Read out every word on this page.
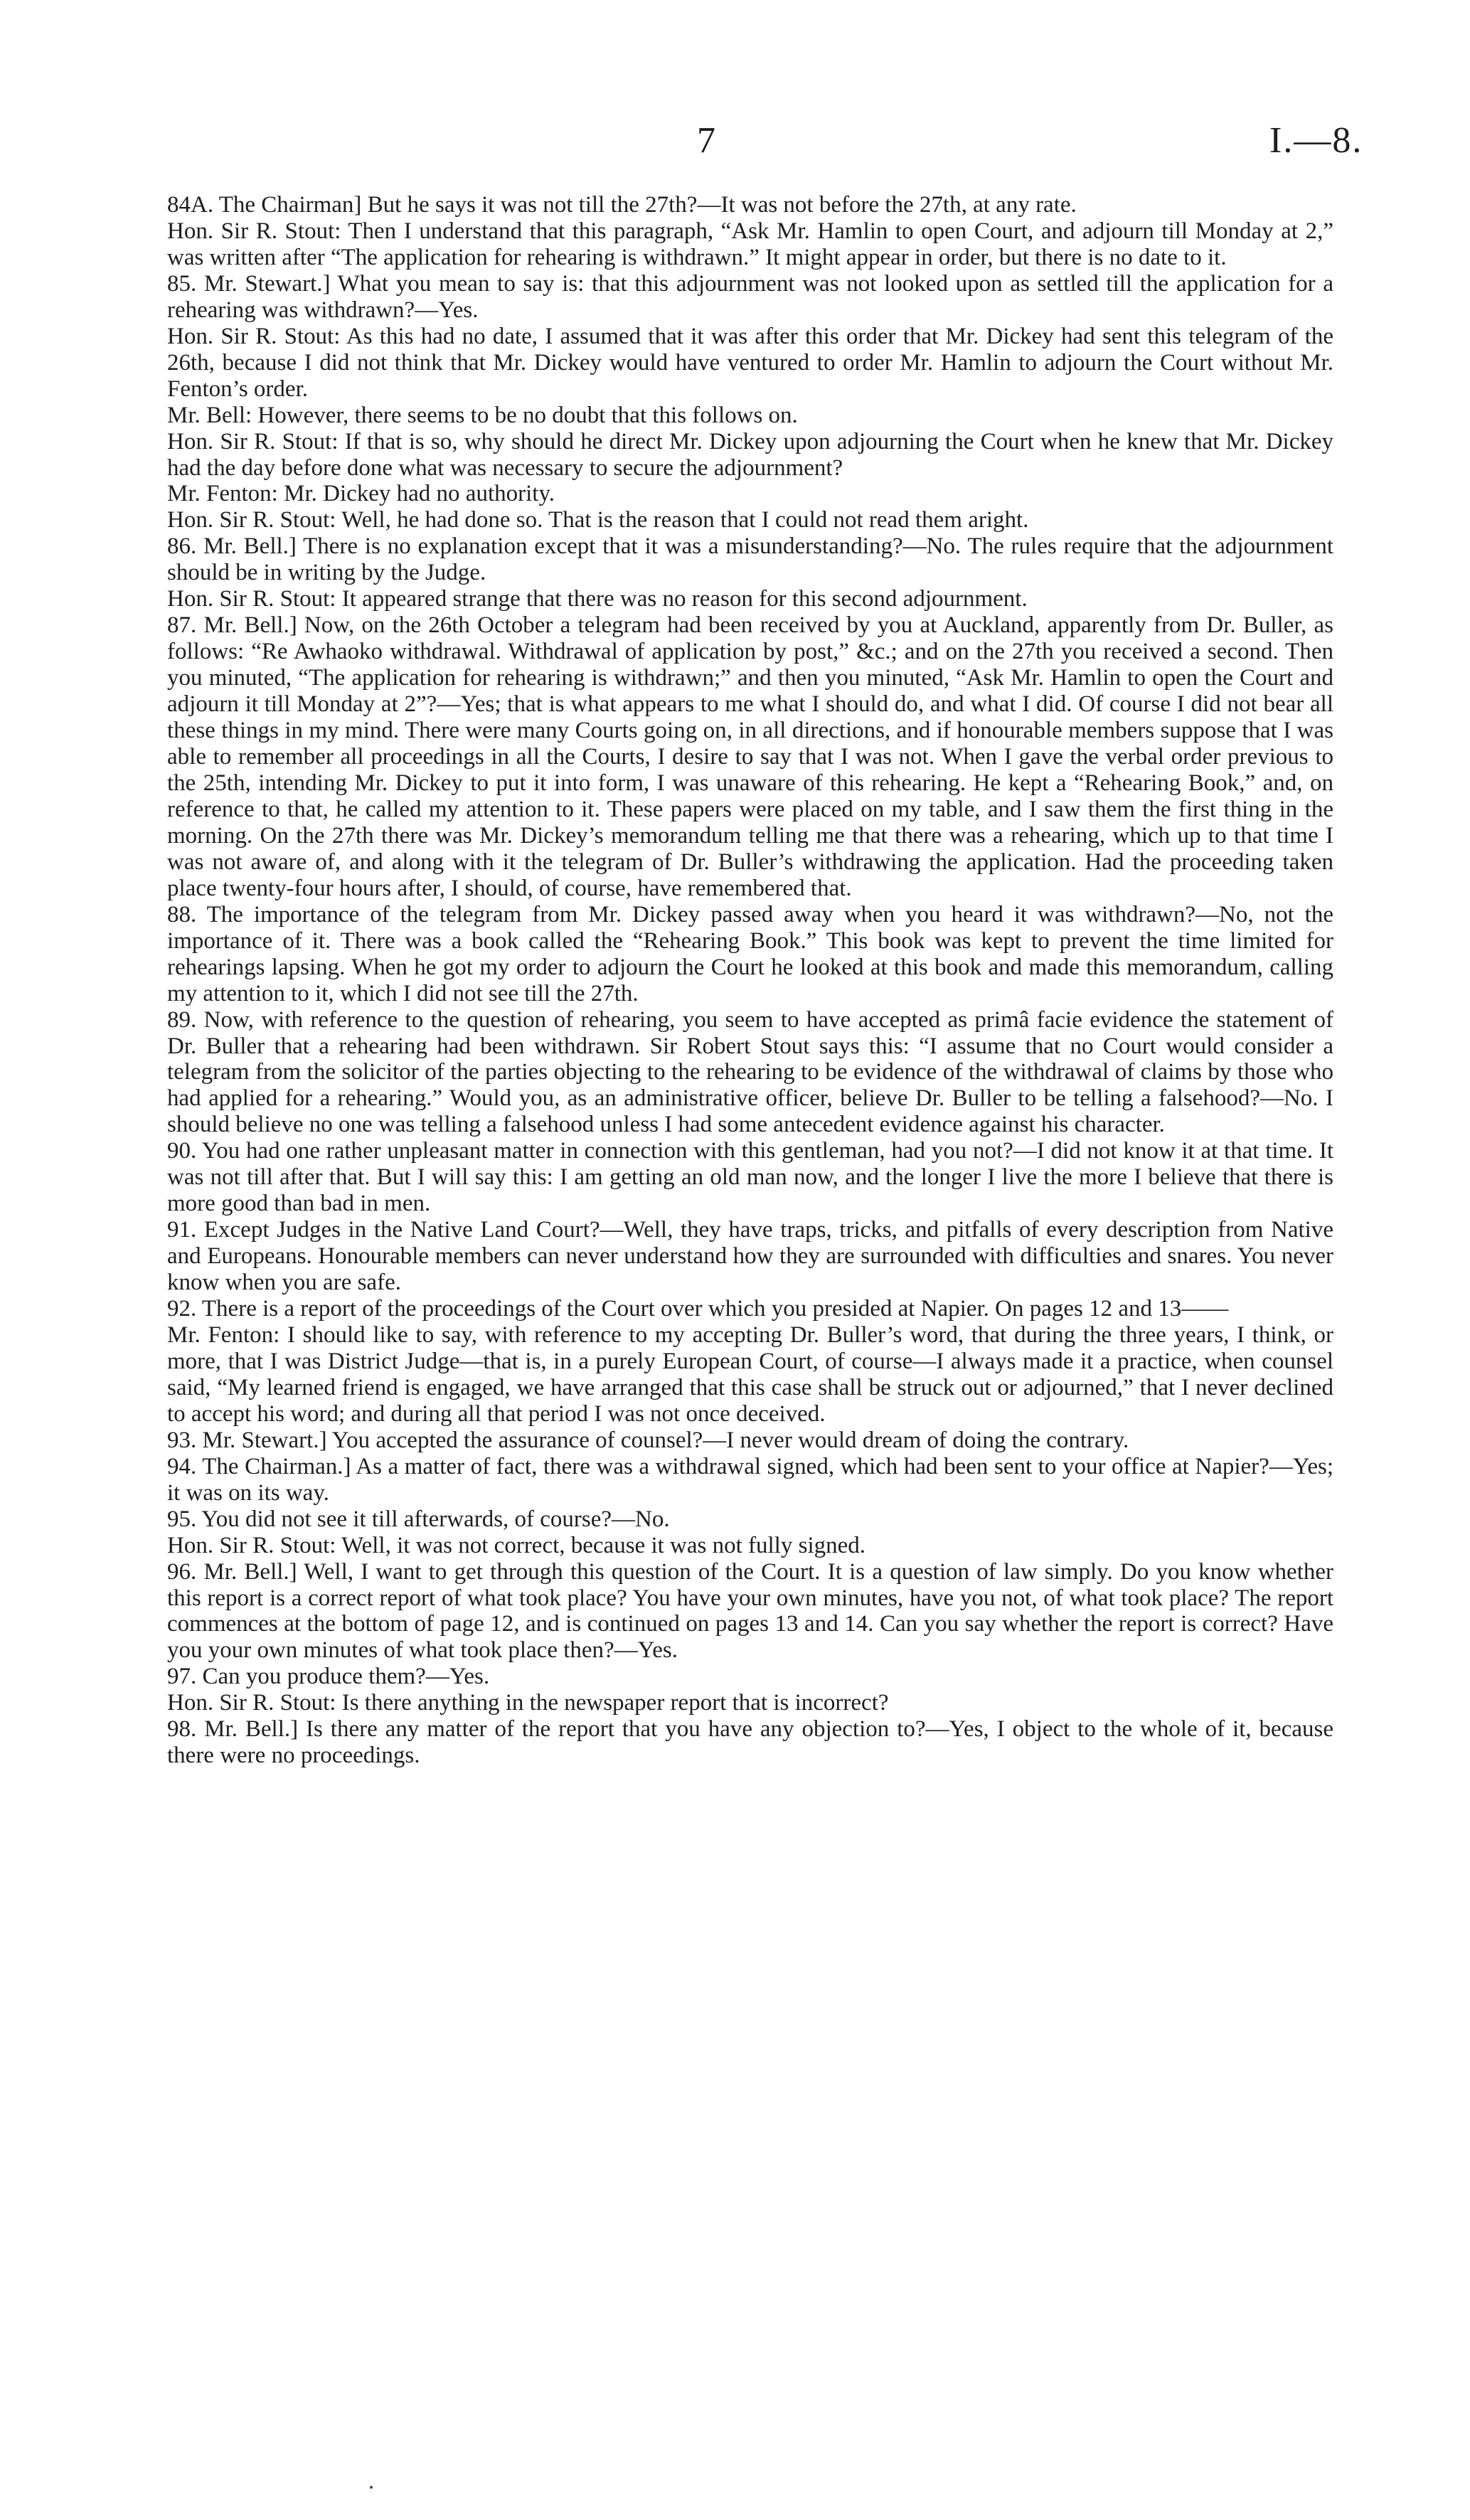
7	I.—8.

84A. The Chairman] But he says it was not till the 27th?—It was not before the 27th, at any rate.

Hon. Sir R. Stout: Then I understand that this paragraph, “Ask Mr. Hamlin to open Court, and adjourn till Monday at 2,” was written after “The application for rehearing is withdrawn.” It might appear in order, but there is no date to it.

85. Mr. Stewart.] What you mean to say is: that this adjournment was not looked upon as settled till the application for a rehearing was withdrawn?—Yes.

Hon. Sir R. Stout: As this had no date, I assumed that it was after this order that Mr. Dickey had sent this telegram of the 26th, because I did not think that Mr. Dickey would have ventured to order Mr. Hamlin to adjourn the Court without Mr. Fenton’s order.

Mr. Bell: However, there seems to be no doubt that this follows on.

Hon. Sir R. Stout: If that is so, why should he direct Mr. Dickey upon adjourning the Court when he knew that Mr. Dickey had the day before done what was necessary to secure the adjournment?

Mr. Fenton: Mr. Dickey had no authority.

Hon. Sir R. Stout: Well, he had done so. That is the reason that I could not read them aright.

86. Mr. Bell.] There is no explanation except that it was a misunderstanding?—No. The rules require that the adjournment should be in writing by the Judge.

Hon. Sir R. Stout: It appeared strange that there was no reason for this second adjournment.

87. Mr. Bell.] Now, on the 26th October a telegram had been received by you at Auckland, apparently from Dr. Buller, as follows: “Re Awhaoko withdrawal. Withdrawal of application by post,” &c.; and on the 27th you received a second. Then you minuted, “The application for rehearing is withdrawn;” and then you minuted, “Ask Mr. Hamlin to open the Court and adjourn it till Monday at 2”?—Yes; that is what appears to me what I should do, and what I did. Of course I did not bear all these things in my mind. There were many Courts going on, in all directions, and if honourable members suppose that I was able to remember all proceedings in all the Courts, I desire to say that I was not. When I gave the verbal order previous to the 25th, intending Mr. Dickey to put it into form, I was unaware of this rehearing. He kept a “Rehearing Book,” and, on reference to that, he called my attention to it. These papers were placed on my table, and I saw them the first thing in the morning. On the 27th there was Mr. Dickey’s memorandum telling me that there was a rehearing, which up to that time I was not aware of, and along with it the telegram of Dr. Buller’s withdrawing the application. Had the proceeding taken place twenty-four hours after, I should, of course, have remembered that.

88. The importance of the telegram from Mr. Dickey passed away when you heard it was withdrawn?—No, not the importance of it. There was a book called the “Rehearing Book.” This book was kept to prevent the time limited for rehearings lapsing. When he got my order to adjourn the Court he looked at this book and made this memorandum, calling my attention to it, which I did not see till the 27th.

89. Now, with reference to the question of rehearing, you seem to have accepted as primâ facie evidence the statement of Dr. Buller that a rehearing had been withdrawn. Sir Robert Stout says this: “I assume that no Court would consider a telegram from the solicitor of the parties objecting to the rehearing to be evidence of the withdrawal of claims by those who had applied for a rehearing.” Would you, as an administrative officer, believe Dr. Buller to be telling a falsehood?—No. I should believe no one was telling a falsehood unless I had some antecedent evidence against his character.

90. You had one rather unpleasant matter in connection with this gentleman, had you not?—I did not know it at that time. It was not till after that. But I will say this: I am getting an old man now, and the longer I live the more I believe that there is more good than bad in men.

91. Except Judges in the Native Land Court?—Well, they have traps, tricks, and pitfalls of every description from Native and Europeans. Honourable members can never understand how they are surrounded with difficulties and snares. You never know when you are safe.

92. There is a report of the proceedings of the Court over which you presided at Napier. On pages 12 and 13——

Mr. Fenton: I should like to say, with reference to my accepting Dr. Buller’s word, that during the three years, I think, or more, that I was District Judge—that is, in a purely European Court, of course—I always made it a practice, when counsel said, “My learned friend is engaged, we have arranged that this case shall be struck out or adjourned,” that I never declined to accept his word; and during all that period I was not once deceived.

93. Mr. Stewart.] You accepted the assurance of counsel?—I never would dream of doing the contrary.

94. The Chairman.] As a matter of fact, there was a withdrawal signed, which had been sent to your office at Napier?—Yes; it was on its way.

95. You did not see it till afterwards, of course?—No.

Hon. Sir R. Stout: Well, it was not correct, because it was not fully signed.

96. Mr. Bell.] Well, I want to get through this question of the Court. It is a question of law simply. Do you know whether this report is a correct report of what took place? You have your own minutes, have you not, of what took place? The report commences at the bottom of page 12, and is continued on pages 13 and 14. Can you say whether the report is correct? Have you your own minutes of what took place then?—Yes.

97. Can you produce them?—Yes.

Hon. Sir R. Stout: Is there anything in the newspaper report that is incorrect?

98. Mr. Bell.] Is there any matter of the report that you have any objection to?—Yes, I object to the whole of it, because there were no proceedings.
